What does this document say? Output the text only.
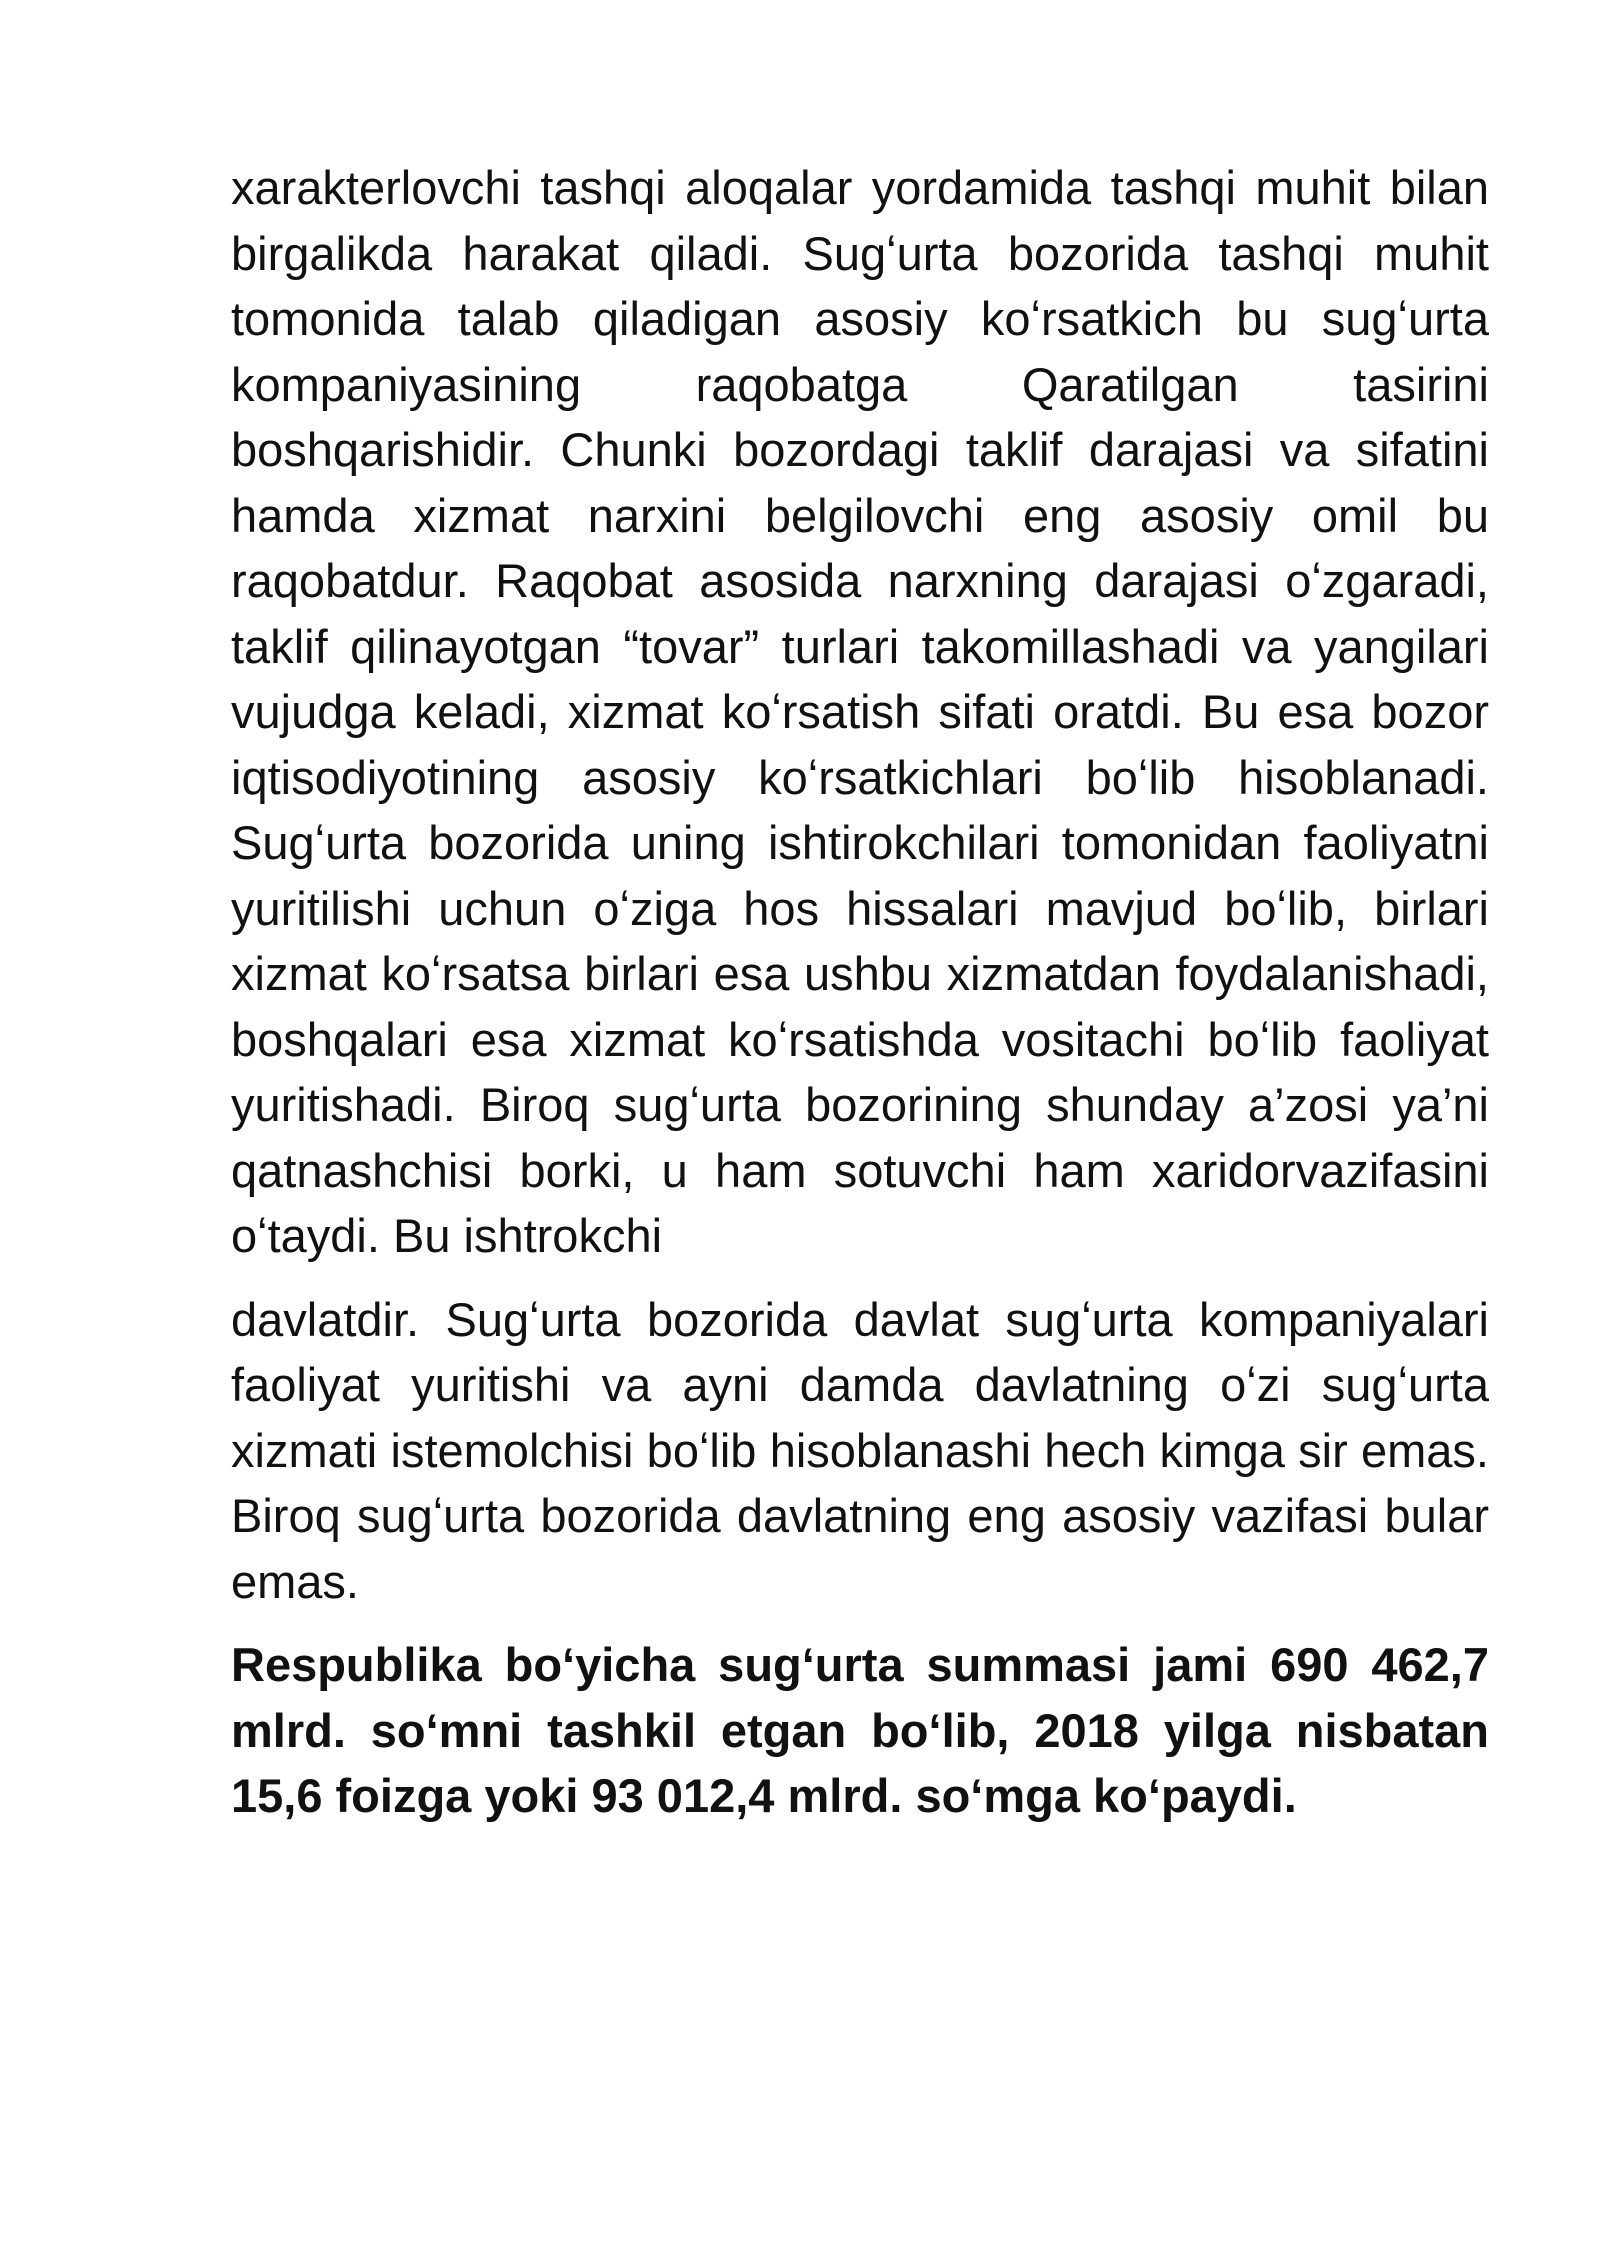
xarakterlovchi tashqi aloqalar yordamida tashqi muhit bilan birgalikda harakat qiladi. Sugʻurta bozorida tashqi muhit tomonida talab qiladigan asosiy koʻrsatkich bu sugʻurta kompaniyasining raqobatga Qaratilgan tasirini boshqarishidir. Chunki bozordagi taklif darajasi va sifatini hamda xizmat narxini belgilovchi eng asosiy omil bu raqobatdur. Raqobat asosida narxning darajasi oʻzgaradi, taklif qilinayotgan “tovar” turlari takomillashadi va yangilari vujudga keladi, xizmat koʻrsatish sifati oratdi. Bu esa bozor iqtisodiyotining asosiy koʻrsatkichlari boʻlib hisoblanadi. Sugʻurta bozorida uning ishtirokchilari tomonidan faoliyatni yuritilishi uchun oʻziga hos hissalari mavjud boʻlib, birlari xizmat koʻrsatsa birlari esa ushbu xizmatdan foydalanishadi, boshqalari esa xizmat koʻrsatishda vositachi boʻlib faoliyat yuritishadi. Biroq sugʻurta bozorining shunday a’zosi ya’ni qatnashchisi borki, u ham sotuvchi ham xaridorvazifasini oʻtaydi. Bu ishtrokchi

davlatdir. Sugʻurta bozorida davlat sugʻurta kompaniyalari faoliyat yuritishi va ayni damda davlatning oʻzi sugʻurta xizmati istemolchisi boʻlib hisoblanashi hech kimga sir emas. Biroq sugʻurta bozorida davlatning eng asosiy vazifasi bular emas.

Respublika boʻyicha sugʻurta summasi jami 690 462,7 mlrd. soʻmni tashkil etgan boʻlib, 2018 yilga nisbatan 15,6 foizga yoki 93 012,4 mlrd. soʻmga koʻpaydi.
